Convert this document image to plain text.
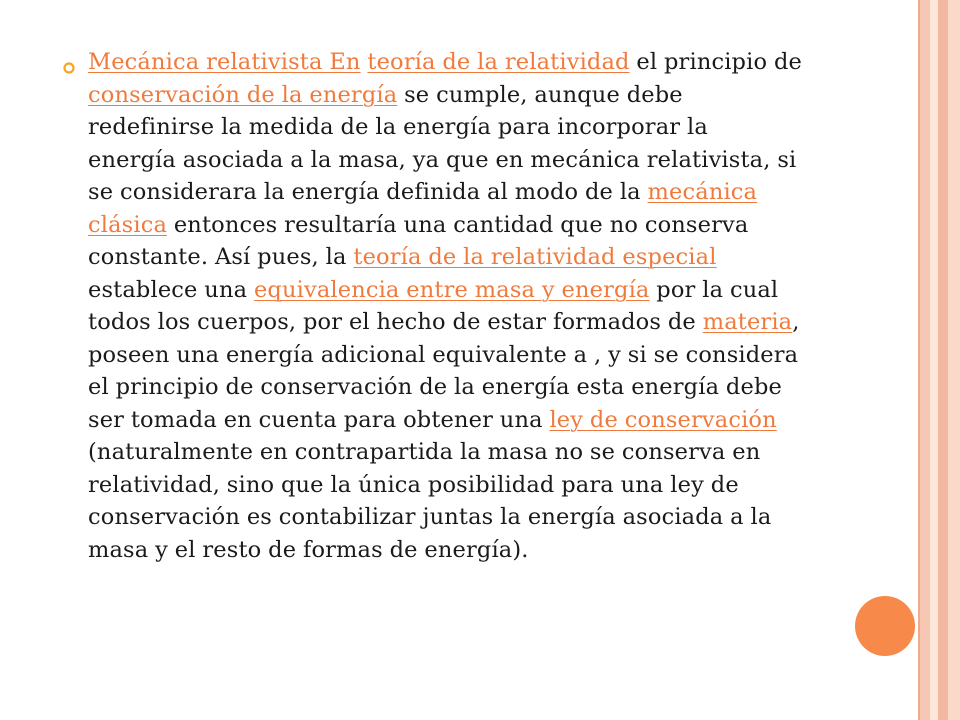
Mecánica relativista En teoría de la relatividad el principio de conservación de la energía se cumple, aunque debe redefinirse la medida de la energía para incorporar la energía asociada a la masa, ya que en mecánica relativista, si se considerara la energía definida al modo de la mecánica clásica entonces resultaría una cantidad que no conserva constante. Así pues, la teoría de la relatividad especial establece una equivalencia entre masa y energía por la cual todos los cuerpos, por el hecho de estar formados de materia, poseen una energía adicional equivalente a , y si se considera el principio de conservación de la energía esta energía debe ser tomada en cuenta para obtener una ley de conservación (naturalmente en contrapartida la masa no se conserva en relatividad, sino que la única posibilidad para una ley de conservación es contabilizar juntas la energía asociada a la masa y el resto de formas de energía).
